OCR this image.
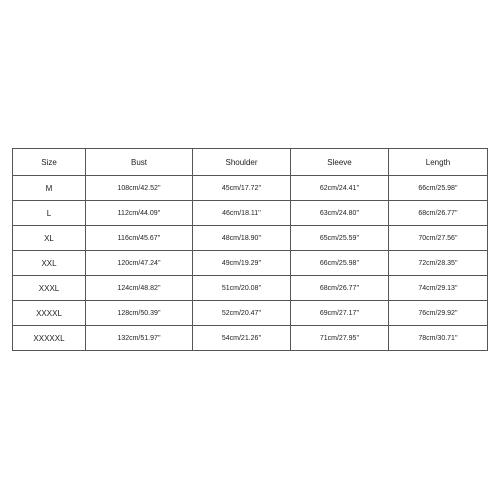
Size	Bust	Shoulder	Sleeve	Length
M	108cm/42.52''	45cm/17.72''	62cm/24.41''	66cm/25.98''
L	112cm/44.09''	46cm/18.11''	63cm/24.80''	68cm/26.77''
XL	116cm/45.67''	48cm/18.90''	65cm/25.59''	70cm/27.56''
XXL	120cm/47.24''	49cm/19.29''	66cm/25.98''	72cm/28.35''
XXXL	124cm/48.82''	51cm/20.08''	68cm/26.77''	74cm/29.13''
XXXXL	128cm/50.39''	52cm/20.47''	69cm/27.17''	76cm/29.92''
XXXXXL	132cm/51.97''	54cm/21.26''	71cm/27.95''	78cm/30.71''
